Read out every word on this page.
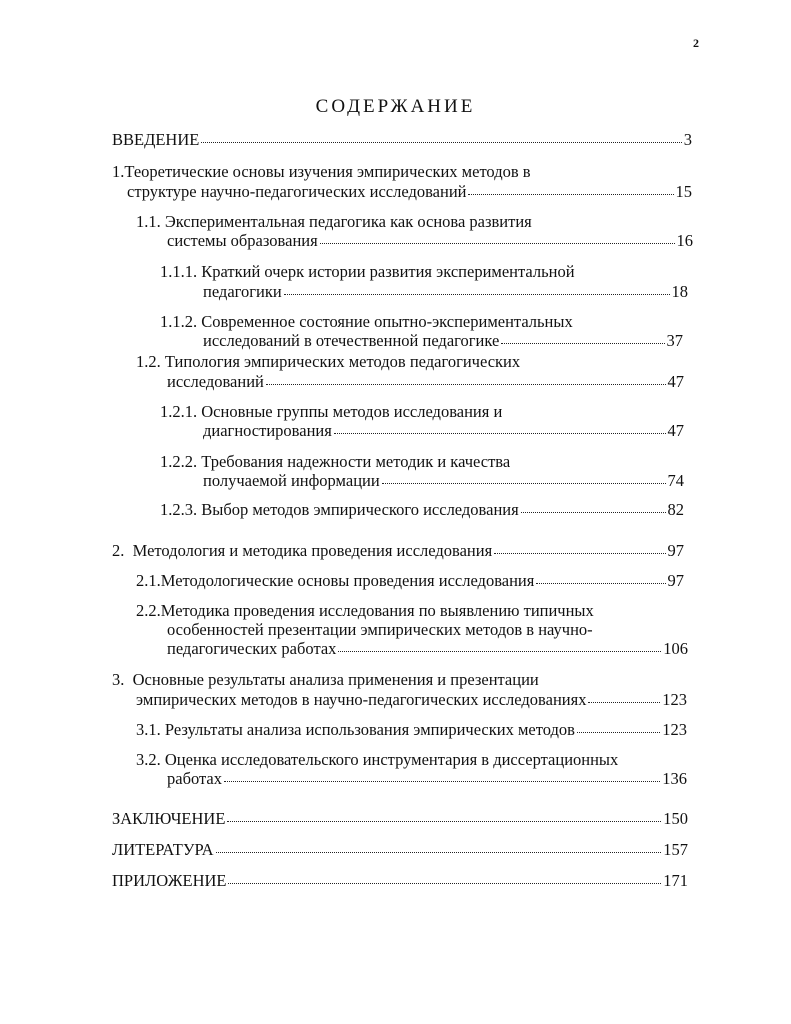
2
СОДЕРЖАНИЕ
ВВЕДЕНИЕ	3
1.Теоретические основы изучения эмпирических методов в
структуре научно-педагогических исследований	15
1.1. Экспериментальная педагогика как основа развития
системы образования	16
1.1.1. Краткий очерк истории развития экспериментальной
педагогики	18
1.1.2. Современное состояние опытно-экспериментальных
исследований в отечественной педагогике	37
1.2. Типология эмпирических методов педагогических
исследований	47
1.2.1. Основные группы методов исследования и
диагностирования	47
1.2.2. Требования надежности методик и качества
получаемой информации	74
1.2.3. Выбор методов эмпирического исследования	82
2.  Методология и методика проведения исследования	97
2.1.Методологические основы проведения исследования	97
2.2.Методика проведения исследования по выявлению типичных
особенностей презентации эмпирических методов в научно-
педагогических работах	106
3.  Основные результаты анализа применения и презентации
эмпирических методов в научно-педагогических исследованиях	123
3.1. Результаты анализа использования эмпирических методов	123
3.2. Оценка исследовательского инструментария в диссертационных
работах	136
ЗАКЛЮЧЕНИЕ	150
ЛИТЕРАТУРА	157
ПРИЛОЖЕНИЕ	171
